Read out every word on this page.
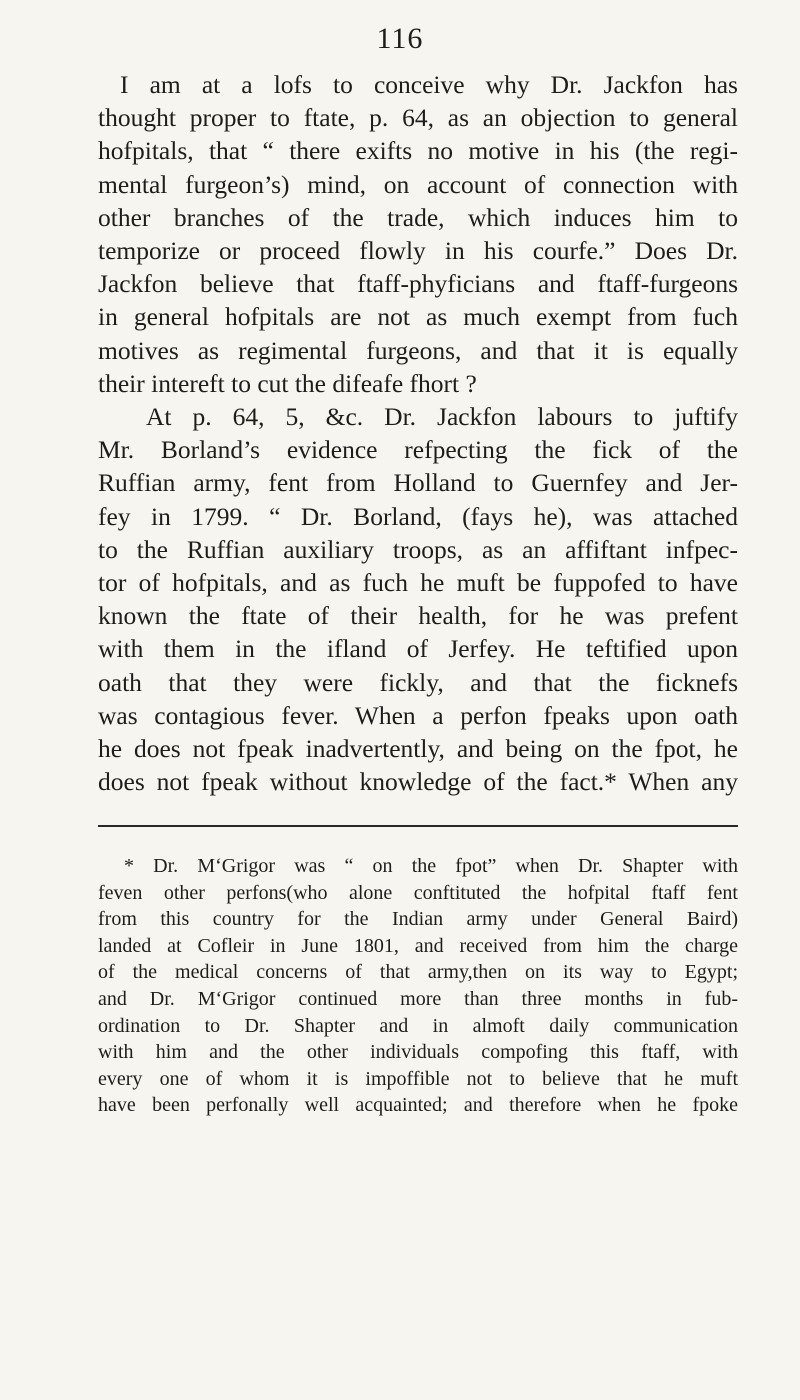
116
I am at a lofs to conceive why Dr. Jackfon has
thought proper to ftate, p. 64, as an objection to general
hofpitals, that “ there exifts no motive in his (the regi-
mental furgeon’s) mind, on account of connection with
other branches of the trade, which induces him to
temporize or proceed flowly in his courfe.” Does Dr.
Jackfon believe that ftaff-phyficians and ftaff-furgeons
in general hofpitals are not as much exempt from fuch
motives as regimental furgeons, and that it is equally
their intereft to cut the difeafe fhort ?
At p. 64, 5, &c. Dr. Jackfon labours to juftify
Mr. Borland’s evidence refpecting the fick of the
Ruffian army, fent from Holland to Guernfey and Jer-
fey in 1799. “ Dr. Borland, (fays he), was attached
to the Ruffian auxiliary troops, as an affiftant infpec-
tor of hofpitals, and as fuch he muft be fuppofed to have
known the ftate of their health, for he was prefent
with them in the ifland of Jerfey. He teftified upon
oath that they were fickly, and that the ficknefs
was contagious fever. When a perfon fpeaks upon oath
he does not fpeak inadvertently, and being on the fpot, he
does not fpeak without knowledge of the fact.* When any
* Dr. M‘Grigor was “ on the fpot” when Dr. Shapter with
feven other perfons(who alone conftituted the hofpital ftaff fent
from this country for the Indian army under General Baird)
landed at Cofleir in June 1801, and received from him the charge
of the medical concerns of that army,then on its way to Egypt;
and Dr. M‘Grigor continued more than three months in fub-
ordination to Dr. Shapter and in almoft daily communication
with him and the other individuals compofing this ftaff, with
every one of whom it is impoffible not to believe that he muft
have been perfonally well acquainted; and therefore when he fpoke
